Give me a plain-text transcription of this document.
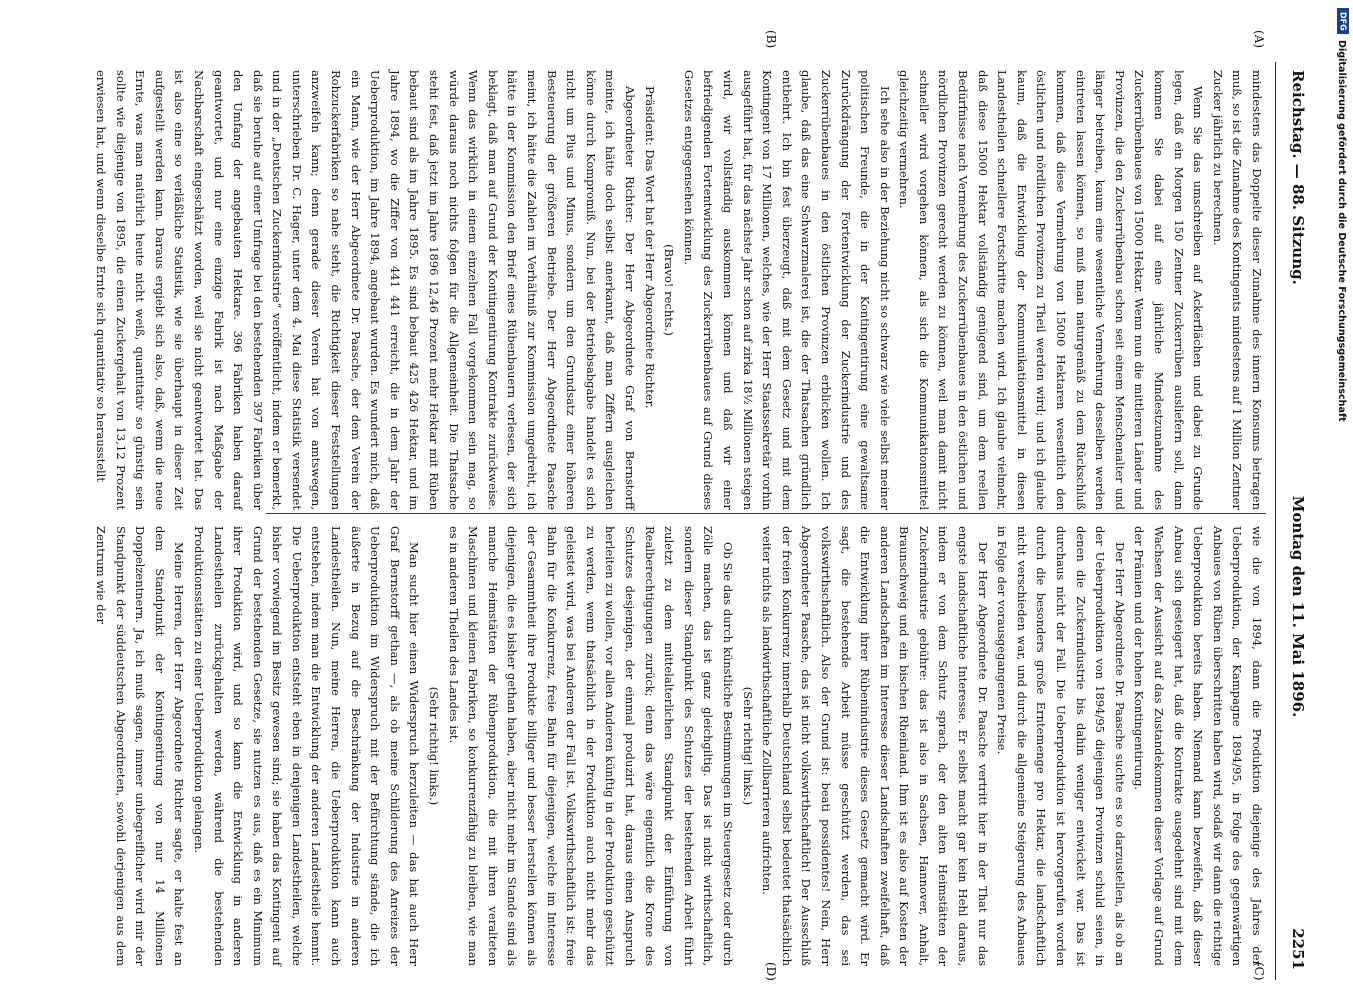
Reichstag. — 88. Sitzung.
Montag den 11. Mai 1896.
2251
(A)
(B)
(C)
(D)

mindestens das Doppelte dieser Zunahme des innern Konsums betragen muß, so ist die Zunahme des Kontingents mindestens auf 1 Million Zentner Zucker jährlich zu berechnen.

Wenn Sie das umschreiben auf Ackerflächen und dabei zu Grunde legen, daß ein Morgen 150 Zentner Zuckerrüben ausliefern soll, dann kommen Sie dabei auf eine jährliche Mindestzunahme des Zuckerrübenbaues von 15000 Hektar. Wenn nun die mittleren Länder und Provinzen, die den Zuckerrübenbau schon seit einem Menschenalter und länger betreiben, kaum eine wesentliche Vermehrung desselben werden eintreten lassen können, so muß man naturgemäß zu dem Rückschluß kommen, daß diese Vermehrung von 15000 Hektaren wesentlich den östlichen und nördlichen Provinzen zu Theil werden wird; und ich glaube kaum, daß die Entwicklung der Kommunikationsmittel in diesen Landestheilen schnellere Fortschritte machen wird. Ich glaube vielmehr, daß diese 15000 Hektar vollständig genügend sind, um dem reellen Bedürfnisse nach Vermehrung des Zuckerrübenbaues in den östlichen und nördlichen Provinzen gerecht werden zu können, weil man damit nicht schneller wird vorgehen können, als sich die Kommunikationsmittel gleichzeitig vermehren.

Ich sehe also in der Beziehung nicht so schwarz wie viele selbst meiner politischen Freunde, die in der Kontingentirung eine gewaltsame Zurückdrängung der Fortentwicklung der Zuckerindustrie und des Zuckerrübenbaues in den östlichen Provinzen erblicken wollen. Ich glaube, daß das eine Schwarzmalerei ist, die der Thatsachen gründlich entbehrt. Ich bin fest überzeugt, daß mit dem Gesetz und mit dem Kontingent von 17 Millionen, welches, wie der Herr Staatssekretär vorhin ausgeführt hat, für das nächste Jahr schon auf zirka 18½ Millionen steigen wird, wir vollständig auskommen können und daß wir einer befriedigenden Fortentwicklung des Zuckerrübenbaues auf Grund dieses Gesetzes entgegensehen können.

(Bravo! rechts.)

Präsident: Das Wort hat der Herr Abgeordnete Richter.

Abgeordneter Richter: Der Herr Abgeordnete Graf von Bernstorff meinte, ich hätte doch selbst anerkannt, daß man Ziffern ausgleichen könne durch Kompromiß. Nun, bei der Betriebsabgabe handelt es sich nicht um Plus und Minus, sondern um den Grundsatz einer höheren Besteuerung der größeren Betriebe. Der Herr Abgeordnete Paasche meint, ich hätte die Zahlen im Verhältniß zur Kommission umgedreht, ich hätte in der Kommission den Brief eines Rübenbauern verlesen, der sich beklagt, daß man auf Grund der Kontingentirung Kontrakte zurückweise. Wenn das wirklich in einem einzelnen Fall vorgekommen sein mag, so würde daraus noch nichts folgen für die Allgemeinheit. Die Thatsache steht fest, daß jetzt im Jahre 1896 12,46 Prozent mehr Hektar mit Rüben bebaut sind als im Jahre 1895. Es sind bebaut 425 426 Hektar, und im Jahre 1894, wo die Ziffer von 441 441 erreicht, die in dem Jahr der Ueberproduktion, im Jahre 1894, angebaut wurden. Es wundert mich, daß ein Mann, wie der Herr Abgeordnete Dr. Paasche, der dem Verein der Rohzuckerfabriken so nahe steht, die Richtigkeit dieser Feststellungen anzweifeln kann; denn gerade dieser Verein hat von amtswegen, unterschrieben Dr. C. Hager, unter dem 4. Mai diese Statistik versendet und in der „Deutschen Zuckerindustrie“ veröffentlicht, indem er bemerkt, daß sie beruhe auf einer Umfrage bei den bestehenden 397 Fabriken über den Umfang der angebauten Hektare. 396 Fabriken haben darauf geantwortet, und nur eine einzige Fabrik ist nach Maßgabe der Nachbarschaft eingeschätzt worden, weil sie nicht geantwortet hat. Das ist also eine so verläßliche Statistik, wie sie überhaupt in dieser Zeit aufgestellt werden kann. Daraus ergiebt sich also, daß, wenn die neue Ernte, was man natürlich heute nicht weiß, quantitativ so günstig sein sollte wie diejenige von 1895, die einen Zuckergehalt von 13,12 Prozent erwiesen hat, und wenn dieselbe Ernte sich quantitativ so herausstellt

wie die von 1894, dann die Produktion diejenige des Jahres der Ueberproduktion, der Kampagne 1894/95, in Folge des gegenwärtigen Anbaues von Rüben überschritten haben wird, sodaß wir dann die richtige Ueberproduktion bereits haben. Niemand kann bezweifeln, daß dieser Anbau sich gesteigert hat, daß die Kontrakte ausgedehnt sind mit dem Wachsen der Aussicht auf das Zustandekommen dieser Vorlage auf Grund der Prämien und der hohen Kontingentirung.

Der Herr Abgeordnete Dr. Paasche suchte es so darzustellen, als ob an der Ueberproduktion von 1894/95 diejenigen Provinzen schuld seien, in denen die Zuckerindustrie bis dahin weniger entwickelt war. Das ist durchaus nicht der Fall. Die Ueberproduktion ist hervorgerufen worden durch die besonders große Erntemenge pro Hektar, die landschaftlich nicht verschieden war, und durch die allgemeine Steigerung des Anbaues in Folge der vorausgegangenen Preise.

Der Herr Abgeordnete Dr. Paasche vertritt hier in der That nur das engste landschaftliche Interesse. Er selbst macht gar kein Hehl daraus, indem er von dem Schutz sprach, der den alten Heimstätten der Zuckerindustrie gebühre: das ist also in Sachsen, Hannover, Anhalt, Braunschweig und ein bischen Rheinland. Ihm ist es also auf Kosten der anderen Landschaften im Interesse dieser Landschaften zweifelhaft, daß die Entwicklung ihrer Rübenindustrie dieses Gesetz gemacht wird. Er sagt, die bestehende Arbeit müsse geschützt werden, das sei volkswirthschaftlich. Also der Grund ist: beati possidentes! Nein, Herr Abgeordneter Paasche, das ist nicht volkswirthschaftlich! Der Ausschluß der freien Konkurrenz innerhalb Deutschland selbst bedeutet thatsächlich weiter nichts als landwirthschaftliche Zollbarrieren aufrichten.

(Sehr richtig! links.)

Ob Sie das durch künstliche Bestimmungen im Steuergesetz oder durch Zölle machen, das ist ganz gleichgiltig. Das ist nicht wirthschaftlich, sondern dieser Standpunkt des Schutzes der bestehenden Arbeit führt zuletzt zu dem mittelalterlichen Standpunkt der Einführung von Realberechtigungen zurück; denn das wäre eigentlich die Krone des Schutzes desjenigen, der einmal produzirt hat, daraus einen Anspruch herleiten zu wollen, vor allen Anderen künftig in der Produktion geschützt zu werden, wenn thatsächlich in der Produktion auch nicht mehr das geleistet wird, was bei Anderen der Fall ist. Volkswirthschaftlich ist: freie Bahn für die Konkurrenz, freie Bahn für diejenigen, welche im Interesse der Gesammtheit ihre Produkte billiger und besser herstellen können als diejenigen, die es bisher gethan haben, aber nicht mehr im Stande sind als manche Heimstätten der Rübenproduktion, die mit ihren veralteten Maschinen und kleinen Fabriken, so konkurrenzfähig zu bleiben, wie man es in anderen Theilen des Landes ist.

(Sehr richtig! links.)

Man sucht hier einen Widerspruch herzuleiten — das hat auch Herr Graf Bernstorff gethan —, als ob meine Schilderung des Anreizes der Ueberproduktion im Widerspruch mit der Befürchtung stände, die ich äußerte in Bezug auf die Beschränkung der Industrie in anderen Landestheilen. Nun, meine Herren, die Ueberproduktion kann auch entstehen, indem man die Entwicklung der anderen Landestheile hemmt. Die Ueberproduktion entsteht eben in denjenigen Landestheilen, welche bisher vorwiegend im Besitz gewesen sind; sie haben das Kontingent auf Grund der bestehenden Gesetze, sie nutzen es aus, daß es ein Minimum ihrer Produktion wird, und so kann die Entwicklung in anderen Landestheilen zurückgehalten werden, während die bestehenden Produktionsstätten zu einer Ueberproduktion gelangen.

Meine Herren, der Herr Abgeordnete Richter sagte, er halte fest an dem Standpunkt der Kontingentirung von nur 14 Millionen Doppelzentnern. Ja, ich muß sagen, immer unbegreiflicher wird mir der Standpunkt der süddeutschen Abgeordneten, sowohl derjenigen aus dem Zentrum wie der

DFG
Digitalisierung gefördert durch die Deutsche Forschungsgemeinschaft
